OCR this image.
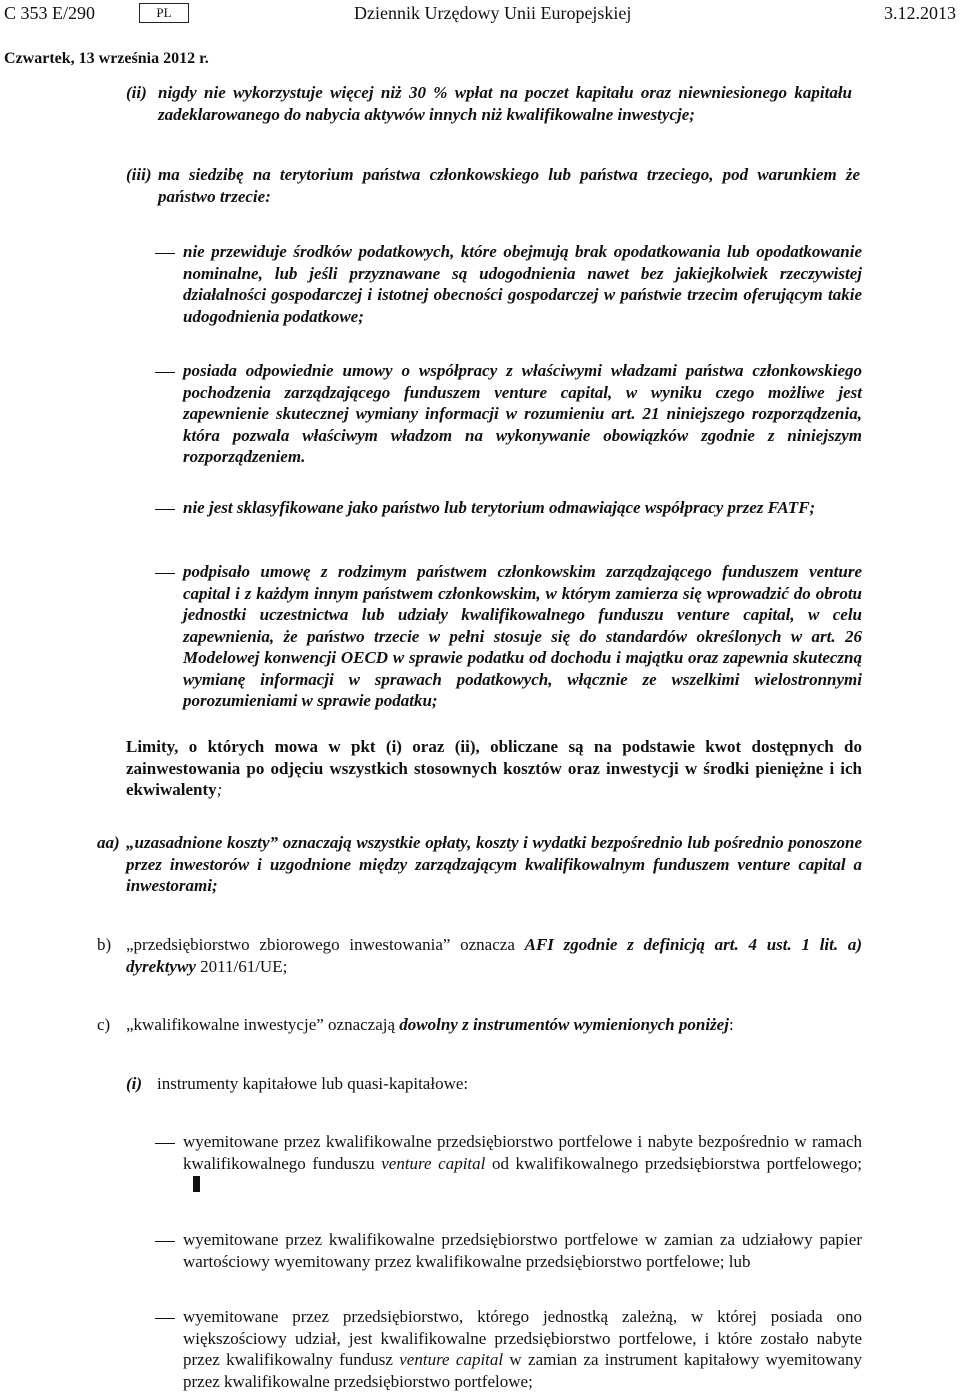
C 353 E/290	PL	Dziennik Urzędowy Unii Europejskiej	3.12.2013
Czwartek, 13 września 2012 r.
nigdy nie wykorzystuje więcej niż 30 % wpłat na poczet kapitału oraz niewniesionego kapitału zadeklarowanego do nabycia aktywów innych niż kwalifikowalne inwestycje;
(ii)
ma siedzibę na terytorium państwa członkowskiego lub państwa trzeciego, pod warunkiem że państwo trzecie:
(iii)
nie przewiduje środków podatkowych, które obejmują brak opodatkowania lub opodatkowanie nominalne, lub jeśli przyznawane są udogodnienia nawet bez jakiejkolwiek rzeczywistej działalności gospodarczej i istotnej obecności gospodarczej w państwie trzecim oferującym takie udogodnienia podatkowe;
posiada odpowiednie umowy o współpracy z właściwymi władzami państwa członkowskiego pochodzenia zarządzającego funduszem venture capital, w wyniku czego możliwe jest zapewnienie skutecznej wymiany informacji w rozumieniu art. 21 niniejszego rozporządzenia, która pozwala właściwym władzom na wykonywanie obowiązków zgodnie z niniejszym rozporządzeniem.
nie jest sklasyfikowane jako państwo lub terytorium odmawiające współpracy przez FATF;
podpisało umowę z rodzimym państwem członkowskim zarządzającego funduszem venture capital i z każdym innym państwem członkowskim, w którym zamierza się wprowadzić do obrotu jednostki uczestnictwa lub udziały kwalifikowalnego funduszu venture capital, w celu zapewnienia, że państwo trzecie w pełni stosuje się do standardów określonych w art. 26 Modelowej konwencji OECD w sprawie podatku od dochodu i majątku oraz zapewnia skuteczną wymianę informacji w sprawach podatkowych, włącznie ze wszelkimi wielostronnymi porozumieniami w sprawie podatku;
Limity, o których mowa w pkt (i) oraz (ii), obliczane są na podstawie kwot dostępnych do zainwestowania po odjęciu wszystkich stosownych kosztów oraz inwestycji w środki pieniężne i ich ekwiwalenty;
„uzasadnione koszty” oznaczają wszystkie opłaty, koszty i wydatki bezpośrednio lub pośrednio ponoszone przez inwestorów i uzgodnione między zarządzającym kwalifikowalnym funduszem venture capital a inwestorami;
aa)
„przedsiębiorstwo zbiorowego inwestowania” oznacza AFI zgodnie z definicją art. 4 ust. 1 lit. a) dyrektywy 2011/61/UE;
b)
„kwalifikowalne inwestycje” oznaczają dowolny z instrumentów wymienionych poniżej:
c)
instrumenty kapitałowe lub quasi-kapitałowe:
(i)
wyemitowane przez kwalifikowalne przedsiębiorstwo portfelowe i nabyte bezpośrednio w ramach kwalifikowalnego funduszu venture capital od kwalifikowalnego przedsiębiorstwa portfelowego;
wyemitowane przez kwalifikowalne przedsiębiorstwo portfelowe w zamian za udziałowy papier wartościowy wyemitowany przez kwalifikowalne przedsiębiorstwo portfelowe; lub
wyemitowane przez przedsiębiorstwo, którego jednostką zależną, w której posiada ono większościowy udział, jest kwalifikowalne przedsiębiorstwo portfelowe, i które zostało nabyte przez kwalifikowalny fundusz venture capital w zamian za instrument kapitałowy wyemitowany przez kwalifikowalne przedsiębiorstwo portfelowe;
